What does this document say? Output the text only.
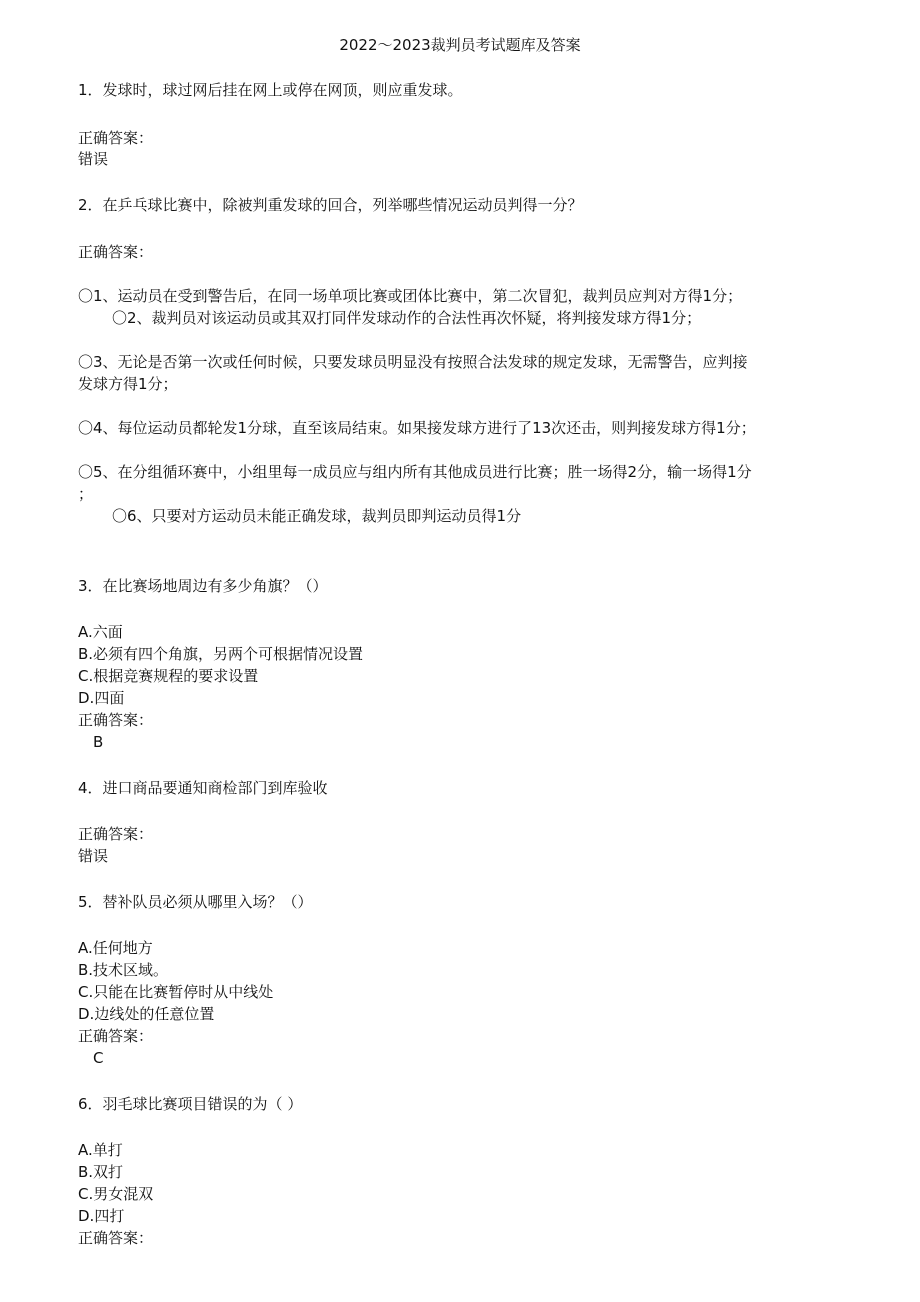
2022～2023裁判员考试题库及答案
1．发球时，球过网后挂在网上或停在网顶，则应重发球。
正确答案：
错误
2．在乒乓球比赛中，除被判重发球的回合，列举哪些情况运动员判得一分？
正确答案：
〇1、运动员在受到警告后，在同一场单项比赛或团体比赛中，第二次冒犯，裁判员应判对方得1分；
〇2、裁判员对该运动员或其双打同伴发球动作的合法性再次怀疑，将判接发球方得1分；
〇3、无论是否第一次或任何时候，只要发球员明显没有按照合法发球的规定发球，无需警告，应判接
发球方得1分；
〇4、每位运动员都轮发1分球，直至该局结束。如果接发球方进行了13次还击，则判接发球方得1分；
〇5、在分组循环赛中，小组里每一成员应与组内所有其他成员进行比赛；胜一场得2分，输一场得1分
；
〇6、只要对方运动员未能正确发球，裁判员即判运动员得1分
3．在比赛场地周边有多少角旗？（）
A.六面
B.必须有四个角旗，另两个可根据情况设置
C.根据竞赛规程的要求设置
D.四面
正确答案：
B
4．进口商品要通知商检部门到库验收
正确答案：
错误
5．替补队员必须从哪里入场？（）
A.任何地方
B.技术区域。
C.只能在比赛暂停时从中线处
D.边线处的任意位置
正确答案：
C
6．羽毛球比赛项目错误的为（ ）
A.单打
B.双打
C.男女混双
D.四打
正确答案：
